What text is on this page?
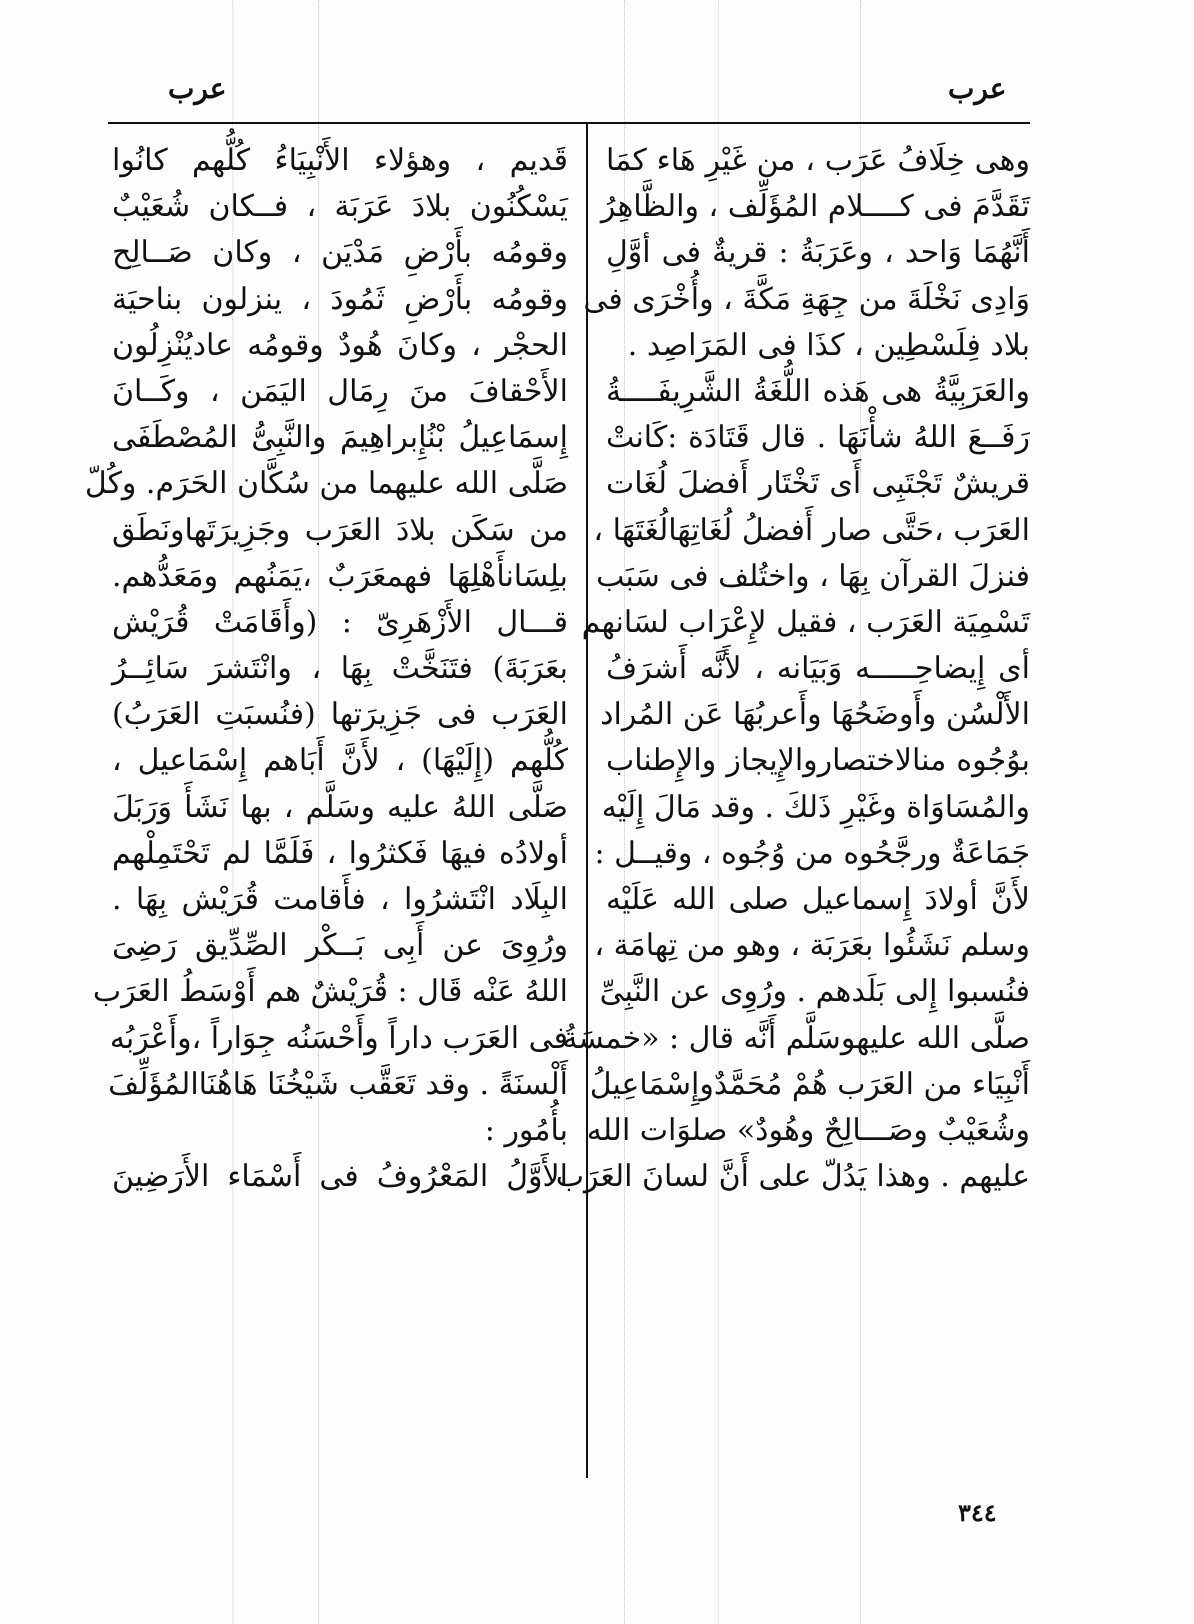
عرب	عرب
وهى خِلَافُ عَرَب ، من غَيْرِ هَاء كمَا
تَقَدَّمَ فى كــــلام المُؤَلِّف ، والظَّاهِرُ
أَنَّهُمَا وَاحد ، وعَرَبَةُ : قريةٌ فى أوَّلِ
وَادِى نَخْلَةَ من جِهَةِ مَكَّةَ ، وأُخْرَى فى
بلاد فِلَسْطِين ، كذَا فى المَرَاصِد .
والعَرَبِيَّةُ هى هَذه اللُّغَةُ الشَّرِيفَــــةُ
رَفَــعَ اللهُ شأْنَهَا . قال قَتَادَة :كَانتْ
قريشٌ تَجْتَبِى أَى تَخْتَار أَفضلَ لُغَات
العَرَب ،حَتَّى صار أَفضلُ لُغَاتِهَالُغَتَهَا ،
فنزلَ القرآن بِهَا ، واختُلف فى سَبَب
تَسْمِيَة العَرَب ، فقيل لإِعْرَاب لسَانهم
أى إِيضاحِـــــه وَبَيَانه ، لأَنَّه أَشرَفُ
الأَلْسُن وأَوضَحُهَا وأَعربُهَا عَن المُراد
بوُجُوه منالاختصاروالإِيجاز والإِطناب
والمُسَاوَاة وغَيْرِ ذَلكَ . وقد مَالَ إِلَيْه
جَمَاعَةٌ ورجَّحُوه من وُجُوه ، وقيــل :
لأَنَّ أولادَ إِسماعيل صلى الله عَلَيْه
وسلم نَشَئُوا بعَرَبَة ، وهو من تِهامَة ،
فنُسبوا إِلى بَلَدهم . ورُوِى عن النَّبِىِّ
صلَّى الله عليهوسَلَّم أَنَّه قال : «خمسَةُ
أَنْبِيَاء من العَرَب هُمْ مُحَمَّدٌوإِسْمَاعِيلُ
وشُعَيْبٌ وصَـــالِحٌ وهُودٌ» صلوَات الله
عليهم . وهذا يَدُلّ على أَنَّ لسانَ العَرَب
قَديم ، وهؤلاء الأَنْبِيَاءُ كُلُّهم كانُوا
يَسْكُنُون بلادَ عَرَبَة ، فــكان شُعَيْبٌ
وقومُه بأَرْضِ مَدْيَن ، وكان صَــالِح
وقومُه بأَرْضِ ثَمُودَ ، ينزلون بناحيَة
الحجْر ، وكانَ هُودٌ وقومُه عاديُنْزِلُون
الأَحْقافَ منَ رِمَال اليَمَن ، وكَــانَ
إِسمَاعِيلُ بْنُإِبراهِيمَ والنَّبِىُّ المُصْطَفَى
صَلَّى الله عليهما من سُكَّان الحَرَم. وكُلّ
من سَكَن بلادَ العَرَب وجَزِيرَتَهاونَطَق
بلِسَانأَهْلِهَا فهمعَرَبٌ ،يَمَنُهم ومَعَدُّهم.
قـــال الأَزْهَرِىّ : (وأَقَامَتْ قُرَيْش
بعَرَبَةَ) فتَنَخَّتْ بِهَا ، وانْتَشرَ سَائِــرُ
العَرَب فى جَزِيرَتها (فنُسبَتِ العَرَبُ)
كُلُّهم (إِلَيْهَا) ، لأَنَّ أَبَاهم إِسْمَاعيل ،
صَلَّى اللهُ عليه وسَلَّم ، بها نَشَأَ وَرَبَلَ
أولادُه فيهَا فَكثرُوا ، فَلَمَّا لم تَحْتَمِلْهم
البِلَاد انْتَشرُوا ، فأَقامت قُرَيْش بِهَا .
ورُوِىَ عن أَبِى بَــكْر الصِّدِّيق رَضِىَ
اللهُ عَنْه قَال : قُرَيْشٌ هم أَوْسَطُ العَرَب
فى العَرَب داراً وأَحْسَنُه جِوَاراً ،وأَعْرَبُه
أَلْسنَةً . وقد تَعَقَّب شَيْخُنَا هَاهُنَاالمُؤَلِّفَ
بأُمُور :
الأَوَّلُ المَعْرُوفُ فى أَسْمَاء الأَرَضِينَ
٣٤٤
